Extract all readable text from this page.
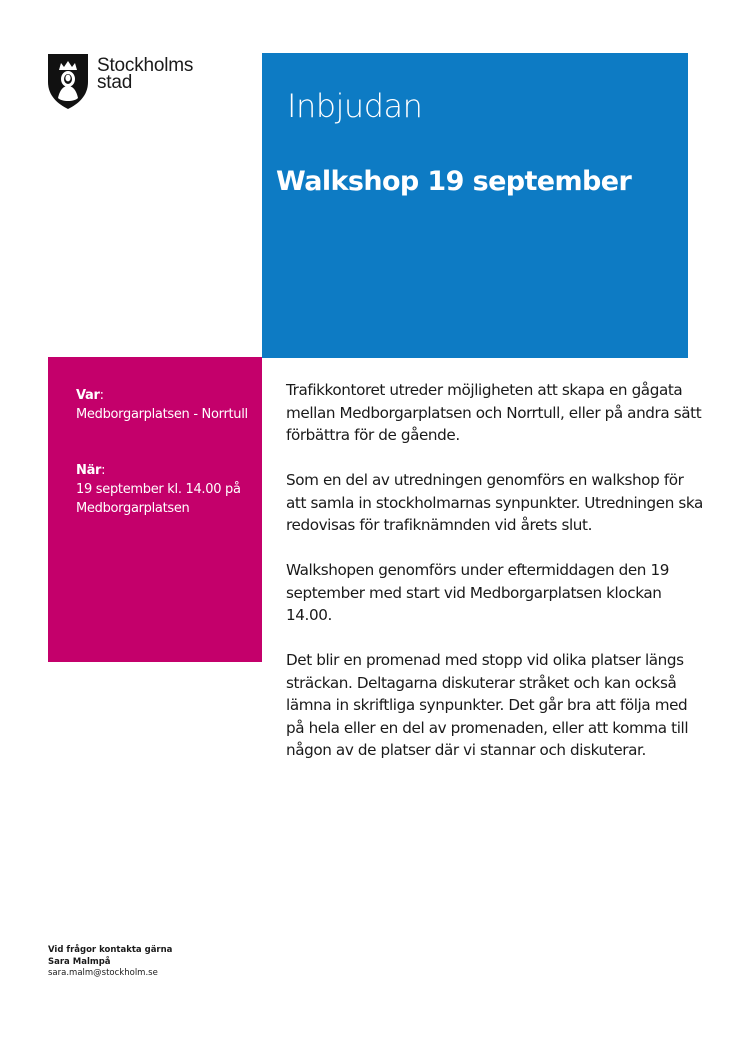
Stockholms
stad
Inbjudan
Walkshop 19 september
Var:
Medborgarplatsen - Norrtull
När:
19 september kl. 14.00 på Medborgarplatsen

Trafikkontoret utreder möjligheten att skapa en gågata mellan Medborgarplatsen och Norrtull, eller på andra sätt förbättra för de gående.

Som en del av utredningen genomförs en walkshop för att samla in stockholmarnas synpunkter. Utredningen ska redovisas för trafiknämnden vid årets slut.

Walkshopen genomförs under eftermiddagen den 19 september med start vid Medborgarplatsen klockan 14.00.

Det blir en promenad med stopp vid olika platser längs sträckan. Deltagarna diskuterar stråket och kan också lämna in skriftliga synpunkter. Det går bra att följa med på hela eller en del av promenaden, eller att komma till någon av de platser där vi stannar och diskuterar.

Vid frågor kontakta gärna
Sara Malmpå
sara.malm@stockholm.se
